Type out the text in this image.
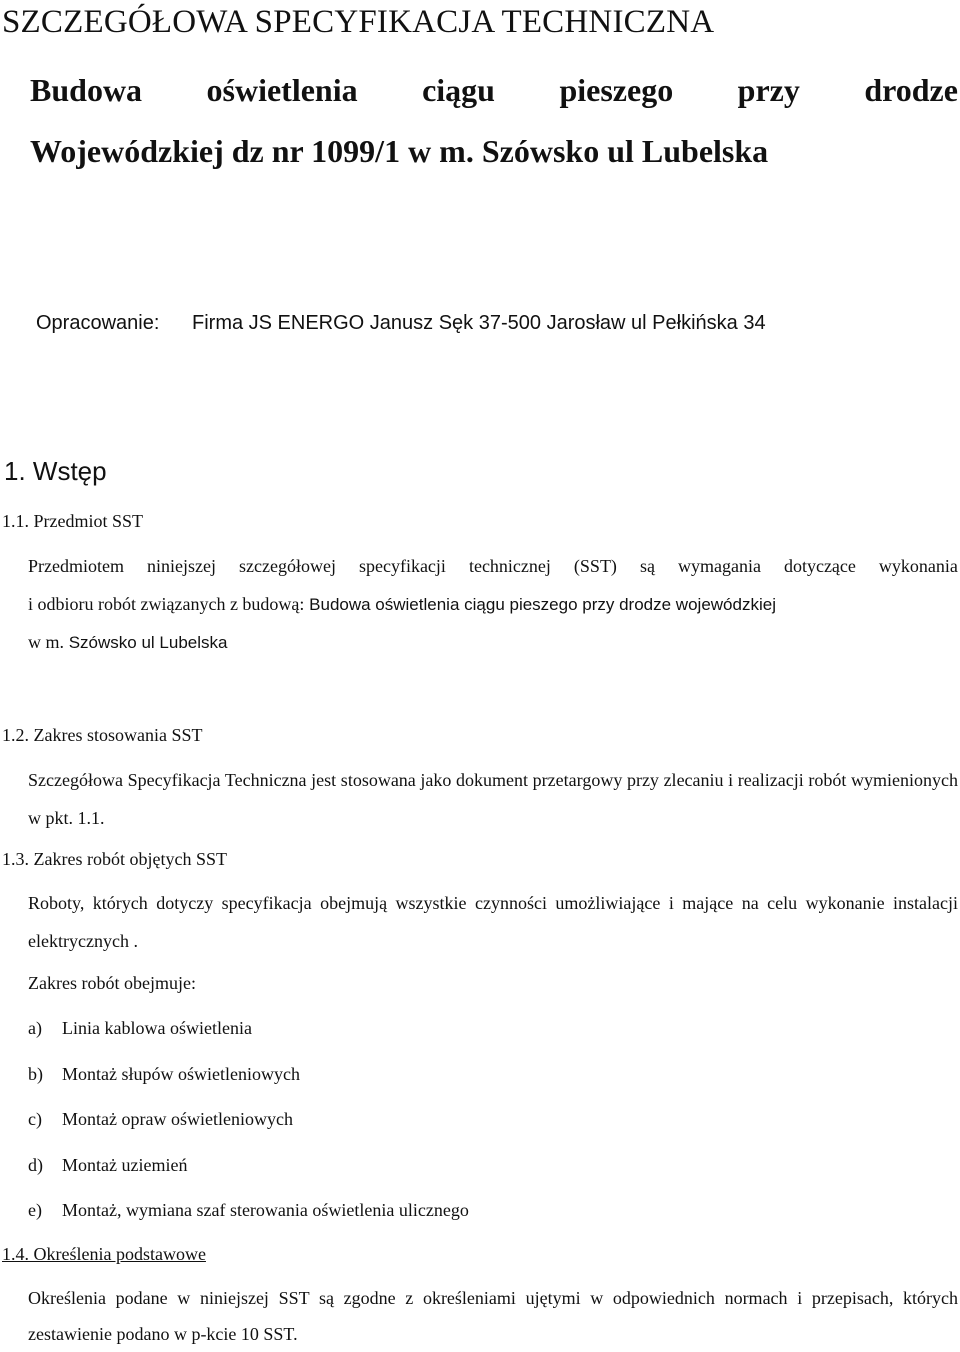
SZCZEGÓŁOWA SPECYFIKACJA TECHNICZNA
Budowa oświetlenia ciągu pieszego przy drodze
Wojewódzkiej dz nr 1099/1 w m. Szówsko ul Lubelska
Opracowanie: Firma JS ENERGO Janusz Sęk 37-500 Jarosław ul Pełkińska 34
1. Wstęp
1.1. Przedmiot SST
Przedmiotem niniejszej szczegółowej specyfikacji technicznej (SST) są wymagania dotyczące wykonania
i odbioru robót związanych z budową: Budowa oświetlenia ciągu pieszego przy drodze wojewódzkiej
w m. Szówsko ul Lubelska
1.2. Zakres stosowania SST
Szczegółowa Specyfikacja Techniczna jest stosowana jako dokument przetargowy przy zlecaniu i realizacji robót wymienionych w pkt. 1.1.
1.3. Zakres robót objętych SST
Roboty, których dotyczy specyfikacja obejmują wszystkie czynności umożliwiające i mające na celu wykonanie instalacji elektrycznych .
Zakres robót obejmuje:
a) Linia kablowa oświetlenia
b) Montaż słupów oświetleniowych
c) Montaż opraw oświetleniowych
d) Montaż uziemień
e) Montaż, wymiana szaf sterowania oświetlenia ulicznego
1.4. Określenia podstawowe
Określenia podane w niniejszej SST są zgodne z określeniami ujętymi w odpowiednich normach i przepisach, których zestawienie podano w p-kcie 10 SST.
